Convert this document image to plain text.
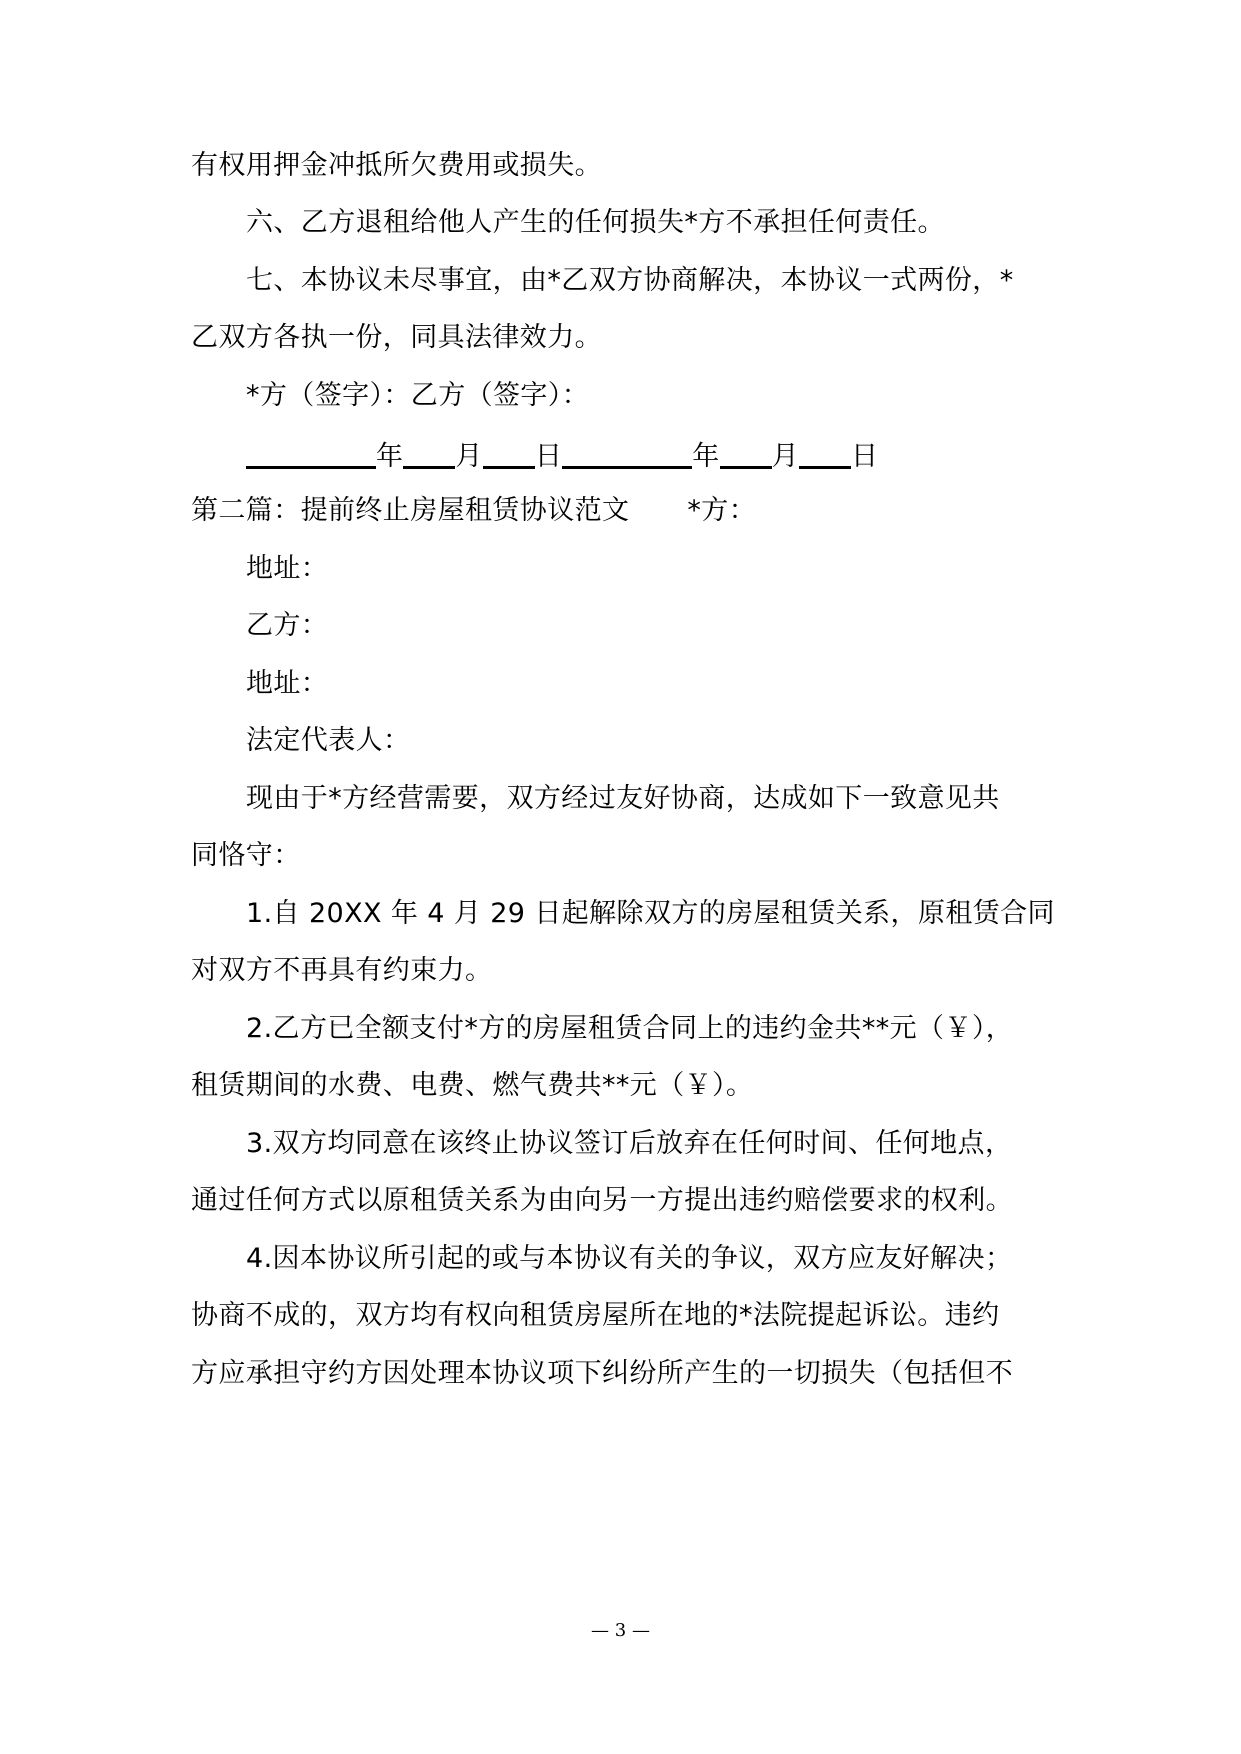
有权用押金冲抵所欠费用或损失。
六、乙方退租给他人产生的任何损失*方不承担任何责任。
七、本协议未尽事宜，由*乙双方协商解决，本协议一式两份，*
乙双方各执一份，同具法律效力。
*方（签字）：乙方（签字）：
年 月 日	年 月 日
第二篇：提前终止房屋租赁协议范文 *方：
地址：
乙方：
地址：
法定代表人：
现由于*方经营需要，双方经过友好协商，达成如下一致意见共
同恪守：
1.自 20XX 年 4 月 29 日起解除双方的房屋租赁关系，原租赁合同
对双方不再具有约束力。
2.乙方已全额支付*方的房屋租赁合同上的违约金共**元（￥），
租赁期间的水费、电费、燃气费共**元（￥）。
3.双方均同意在该终止协议签订后放弃在任何时间、任何地点，
通过任何方式以原租赁关系为由向另一方提出违约赔偿要求的权利。
4.因本协议所引起的或与本协议有关的争议，双方应友好解决；
协商不成的，双方均有权向租赁房屋所在地的*法院提起诉讼。违约
方应承担守约方因处理本协议项下纠纷所产生的一切损失（包括但不
— 3 —
